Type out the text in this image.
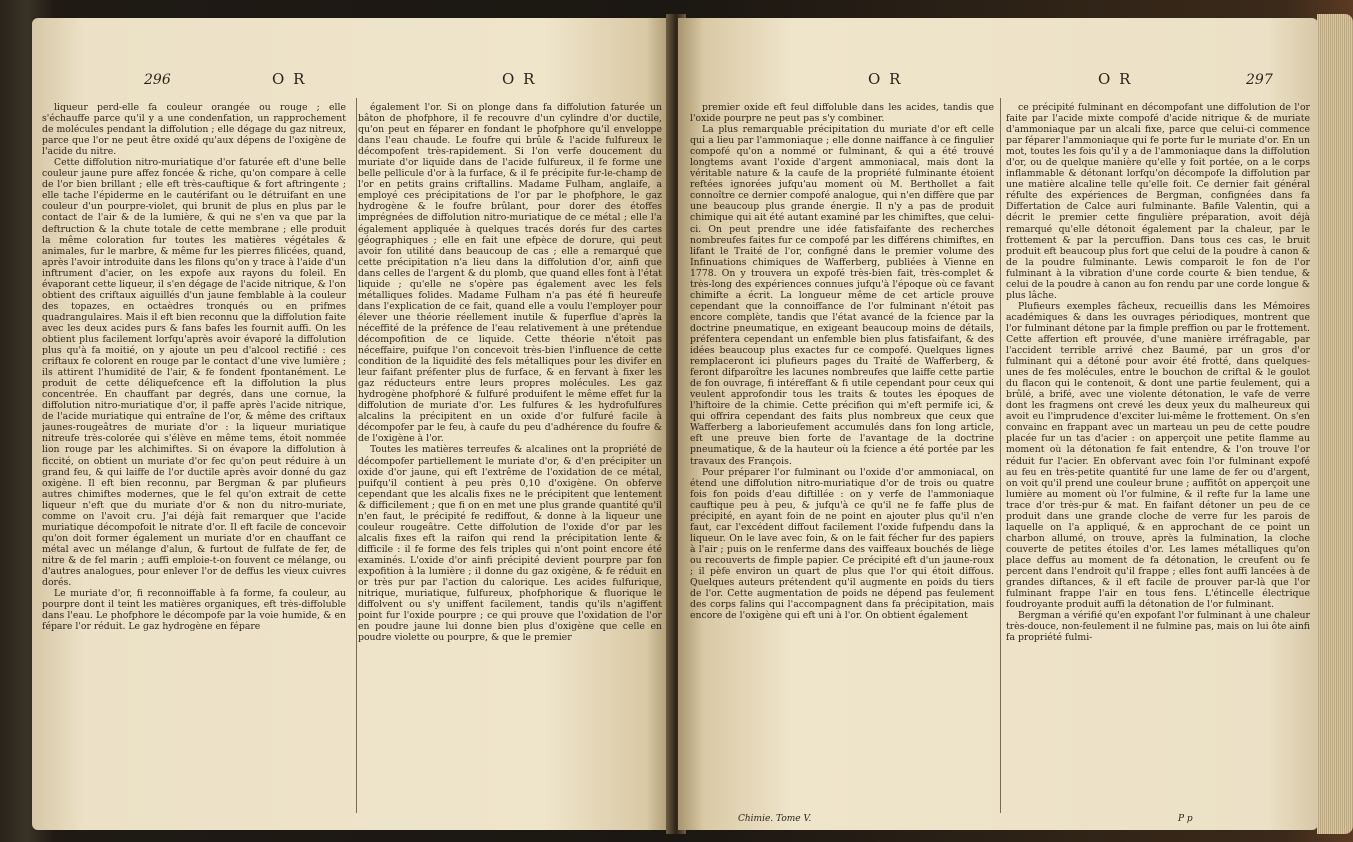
296	O R	O R

liqueur perd-elle fa couleur orangée ou rouge ; elle s'échauffe parce qu'il y a une condenfation, un rapprochement de molécules pendant la diffolution ; elle dégage du gaz nitreux, parce que l'or ne peut être oxidé qu'aux dépens de l'oxigène de l'acide du nitre.

Cette diffolution nitro-muriatique d'or faturée eft d'une belle couleur jaune pure affez foncée & riche, qu'on compare à celle de l'or bien brillant ; elle eft très-cauftique & fort aftringente ; elle tache l'épiderme en le cautérifant ou le détruifant en une couleur d'un pourpre-violet, qui brunit de plus en plus par le contact de l'air & de la lumière, & qui ne s'en va que par la deftruction & la chute totale de cette membrane ; elle produit la même coloration fur toutes les matières végétales & animales, fur le marbre, & même fur les pierres filicées, quand, après l'avoir introduite dans les filons qu'on y trace à l'aide d'un inftrument d'acier, on les expofe aux rayons du foleil. En évaporant cette liqueur, il s'en dégage de l'acide nitrique, & l'on obtient des criftaux aiguillés d'un jaune femblable à la couleur des topazes, en octaèdres tronqués ou en prifmes quadrangulaires. Mais il eft bien reconnu que la diffolution faite avec les deux acides purs & fans bafes les fournit auffi. On les obtient plus facilement lorfqu'après avoir évaporé la diffolution plus qu'à fa moitié, on y ajoute un peu d'alcool rectifié : ces criftaux fe colorent en rouge par le contact d'une vive lumière ; ils attirent l'humidité de l'air, & fe fondent fpontanément. Le produit de cette déliquefcence eft la diffolution la plus concentrée. En chauffant par degrés, dans une cornue, la diffolution nitro-muriatique d'or, il paffe après l'acide nitrique, de l'acide muriatique qui entraîne de l'or, & même des criftaux jaunes-rougeâtres de muriate d'or : la liqueur muriatique nitreufe très-colorée qui s'élève en même tems, étoit nommée lion rouge par les alchimiftes. Si on évapore la diffolution à ficcité, on obtient un muriate d'or fec qu'on peut réduire à un grand feu, & qui laiffe de l'or ductile après avoir donné du gaz oxigène. Il eft bien reconnu, par Bergman & par plufieurs autres chimiftes modernes, que le fel qu'on extrait de cette liqueur n'eft que du muriate d'or & non du nitro-muriate, comme on l'avoit cru. J'ai déjà fait remarquer que l'acide muriatique décompofoit le nitrate d'or. Il eft facile de concevoir qu'on doit former également un muriate d'or en chauffant ce métal avec un mélange d'alun, & furtout de fulfate de fer, de nitre & de fel marin ; auffi emploie-t-on fouvent ce mélange, ou d'autres analogues, pour enlever l'or de deffus les vieux cuivres dorés.

Le muriate d'or, fi reconnoiffable à fa forme, fa couleur, au pourpre dont il teint les matières organiques, eft très-diffoluble dans l'eau. Le phofphore le décompofe par la voie humide, & en fépare l'or réduit. Le gaz hydrogène en fépare

également l'or. Si on plonge dans fa diffolution faturée un bâton de phofphore, il fe recouvre d'un cylindre d'or ductile, qu'on peut en féparer en fondant le phofphore qu'il enveloppe dans l'eau chaude. Le foufre qui brûle & l'acide fulfureux le décompofent très-rapidement. Si l'on verfe doucement du muriate d'or liquide dans de l'acide fulfureux, il fe forme une belle pellicule d'or à la furface, & il fe précipite fur-le-champ de l'or en petits grains criftallins. Madame Fulham, anglaife, a employé ces précipitations de l'or par le phofphore, le gaz hydrogène & le foufre brûlant, pour dorer des étoffes imprégnées de diffolution nitro-muriatique de ce métal ; elle l'a également appliquée à quelques tracés dorés fur des cartes géographiques ; elle en fait une efpèce de dorure, qui peut avoir fon utilité dans beaucoup de cas ; elle a remarqué que cette précipitation n'a lieu dans la diffolution d'or, ainfi que dans celles de l'argent & du plomb, que quand elles font à l'état liquide ; qu'elle ne s'opère pas également avec les fels métalliques folides. Madame Fulham n'a pas été fi heureufe dans l'explication de ce fait, quand elle a voulu l'employer pour élever une théorie réellement inutile & fuperflue d'après la néceffité de la préfence de l'eau relativement à une prétendue décompofition de ce liquide. Cette théorie n'étoit pas néceffaire, puifque l'on concevoit très-bien l'influence de cette condition de la liquidité des fels métalliques pour les divifer en leur faifant préfenter plus de furface, & en fervant à fixer les gaz réducteurs entre leurs propres molécules. Les gaz hydrogène phofphoré & fulfuré produifent le même effet fur la diffolution de muriate d'or. Les fulfures & les hydrofulfures alcalins la précipitent en un oxide d'or fulfuré facile à décompofer par le feu, à caufe du peu d'adhérence du foufre & de l'oxigène à l'or.

Toutes les matières terreufes & alcalines ont la propriété de décompofer partiellement le muriate d'or, & d'en précipiter un oxide d'or jaune, qui eft l'extrême de l'oxidation de ce métal, puifqu'il contient à peu près 0,10 d'oxigène. On obferve cependant que les alcalis fixes ne le précipitent que lentement & difficilement ; que fi on en met une plus grande quantité qu'il n'en faut, le précipité fe rediffout, & donne à la liqueur une couleur rougeâtre. Cette diffolution de l'oxide d'or par les alcalis fixes eft la raifon qui rend la précipitation lente & difficile : il fe forme des fels triples qui n'ont point encore été examinés. L'oxide d'or ainfi précipité devient pourpre par fon expofition à la lumière ; il donne du gaz oxigène, & fe réduit en or très pur par l'action du calorique. Les acides fulfurique, nitrique, muriatique, fulfureux, phofphorique & fluorique le diffolvent ou s'y uniffent facilement, tandis qu'ils n'agiffent point fur l'oxide pourpre ; ce qui prouve que l'oxidation de l'or en poudre jaune lui donne bien plus d'oxigène que celle en poudre violette ou pourpre, & que le premier

O R	O R	297

premier oxide eft feul diffoluble dans les acides, tandis que l'oxide pourpre ne peut pas s'y combiner.

La plus remarquable précipitation du muriate d'or eft celle qui a lieu par l'ammoniaque ; elle donne naiffance à ce fingulier compofé qu'on a nommé or fulminant, & qui a été trouvé longtems avant l'oxide d'argent ammoniacal, mais dont la véritable nature & la caufe de la propriété fulminante étoient reftées ignorées jufqu'au moment où M. Berthollet a fait connoître ce dernier compofé analogue, qui n'en diffère que par une beaucoup plus grande énergie. Il n'y a pas de produit chimique qui ait été autant examiné par les chimiftes, que celui-ci. On peut prendre une idée fatisfaifante des recherches nombreufes faites fur ce compofé par les différens chimiftes, en lifant le Traité de l'or, configné dans le premier volume des Infinuations chimiques de Wafferberg, publiées à Vienne en 1778. On y trouvera un expofé très-bien fait, très-complet & très-long des expériences connues jufqu'à l'époque où ce favant chimifte a écrit. La longueur même de cet article prouve cependant que la connoiffance de l'or fulminant n'étoit pas encore complète, tandis que l'état avancé de la fcience par la doctrine pneumatique, en exigeant beaucoup moins de détails, préfentera cependant un enfemble bien plus fatisfaifant, & des idées beaucoup plus exactes fur ce compofé. Quelques lignes remplaceront ici plufieurs pages du Traité de Wafferberg, & feront difparoître les lacunes nombreufes que laiffe cette partie de fon ouvrage, fi intéreffant & fi utile cependant pour ceux qui veulent approfondir tous les traits & toutes les époques de l'hiftoire de la chimie. Cette précifion qui m'eft permife ici, & qui offrira cependant des faits plus nombreux que ceux que Wafferberg a laborieufement accumulés dans fon long article, eft une preuve bien forte de l'avantage de la doctrine pneumatique, & de la hauteur où la fcience a été portée par les travaux des François.

Pour préparer l'or fulminant ou l'oxide d'or ammoniacal, on étend une diffolution nitro-muriatique d'or de trois ou quatre fois fon poids d'eau diftillée : on y verfe de l'ammoniaque cauftique peu à peu, & jufqu'à ce qu'il ne fe faffe plus de précipité, en ayant foin de ne point en ajouter plus qu'il n'en faut, car l'excédent diffout facilement l'oxide fufpendu dans la liqueur. On le lave avec foin, & on le fait fécher fur des papiers à l'air ; puis on le renferme dans des vaiffeaux bouchés de liège ou recouverts de fimple papier. Ce précipité eft d'un jaune-roux ; il pèfe environ un quart de plus que l'or qui étoit diffous. Quelques auteurs prétendent qu'il augmente en poids du tiers de l'or. Cette augmentation de poids ne dépend pas feulement des corps falins qui l'accompagnent dans fa précipitation, mais encore de l'oxigène qui eft uni à l'or. On obtient également

ce précipité fulminant en décompofant une diffolution de l'or faite par l'acide mixte compofé d'acide nitrique & de muriate d'ammoniaque par un alcali fixe, parce que celui-ci commence par féparer l'ammoniaque qui fe porte fur le muriate d'or. En un mot, toutes les fois qu'il y a de l'ammoniaque dans la diffolution d'or, ou de quelque manière qu'elle y foit portée, on a le corps inflammable & détonant lorfqu'on décompofe la diffolution par une matière alcaline telle qu'elle foit. Ce dernier fait général réfulte des expériences de Bergman, confignées dans fa Differtation de Calce auri fulminante. Bafile Valentin, qui a décrit le premier cette fingulière préparation, avoit déjà remarqué qu'elle détonoit également par la chaleur, par le frottement & par la percuffion. Dans tous ces cas, le bruit produit eft beaucoup plus fort que celui de la poudre à canon & de la poudre fulminante. Lewis comparoit le fon de l'or fulminant à la vibration d'une corde courte & bien tendue, & celui de la poudre à canon au fon rendu par une corde longue & plus lâche.

Plufieurs exemples fâcheux, recueillis dans les Mémoires académiques & dans les ouvrages périodiques, montrent que l'or fulminant détone par la fimple preffion ou par le frottement. Cette affertion eft prouvée, d'une manière irréfragable, par l'accident terrible arrivé chez Baumé, par un gros d'or fulminant qui a détoné pour avoir été frotté, dans quelques-unes de fes molécules, entre le bouchon de criftal & le goulot du flacon qui le contenoit, & dont une partie feulement, qui a brûlé, a brifé, avec une violente détonation, le vafe de verre dont les fragmens ont crevé les deux yeux du malheureux qui avoit eu l'imprudence d'exciter lui-même le frottement. On s'en convainc en frappant avec un marteau un peu de cette poudre placée fur un tas d'acier : on apperçoit une petite flamme au moment où la détonation fe fait entendre, & l'on trouve l'or réduit fur l'acier. En obfervant avec foin l'or fulminant expofé au feu en très-petite quantité fur une lame de fer ou d'argent, on voit qu'il prend une couleur brune ; auffitôt on apperçoit une lumière au moment où l'or fulmine, & il refte fur la lame une trace d'or très-pur & mat. En faifant détoner un peu de ce produit dans une grande cloche de verre fur les parois de laquelle on l'a appliqué, & en approchant de ce point un charbon allumé, on trouve, après la fulmination, la cloche couverte de petites étoiles d'or. Les lames métalliques qu'on place deffus au moment de fa détonation, le creufent ou fe percent dans l'endroit qu'il frappe ; elles font auffi lancées à de grandes diftances, & il eft facile de prouver par-là que l'or fulminant frappe l'air en tous fens. L'étincelle électrique foudroyante produit auffi la détonation de l'or fulminant.

Bergman a vérifié qu'en expofant l'or fulminant à une chaleur très-douce, non-feulement il ne fulmine pas, mais on lui ôte ainfi fa propriété fulmi-

Chimie. Tome V.	P p
